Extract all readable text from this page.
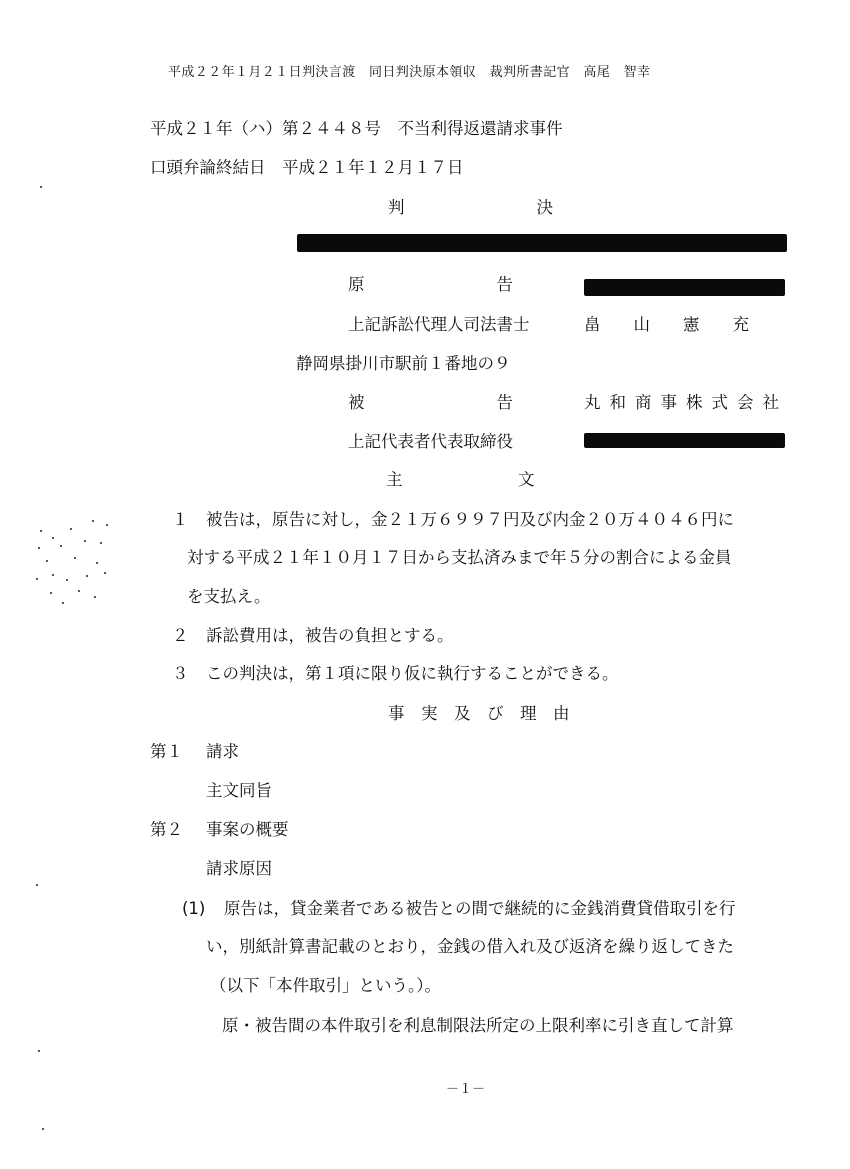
平成２２年１月２１日判決言渡　同日判決原本領収　裁判所書記官　高尾　智幸
平成２１年（ハ）第２４４８号　不当利得返還請求事件
口頭弁論終結日　平成２１年１２月１７日
判　　　　　　　　決
原　　　　　　　　告
上記訴訟代理人司法書士	畠　　山　　憲　　充
静岡県掛川市駅前１番地の９
被　　　　　　　　告	丸和商事株式会社
上記代表者代表取締役
主　　　　　　　文
１ 被告は，原告に対し，金２１万６９９７円及び内金２０万４０４６円に
対する平成２１年１０月１７日から支払済みまで年５分の割合による金員
を支払え。
２ 訴訟費用は，被告の負担とする。
３ この判決は，第１項に限り仮に執行することができる。
事　実　及　び　理　由
第１ 請求
主文同旨
第２ 事案の概要
請求原因
(1) 原告は，貸金業者である被告との間で継続的に金銭消費貸借取引を行
い，別紙計算書記載のとおり，金銭の借入れ及び返済を繰り返してきた
（以下「本件取引」という。）。
原・被告間の本件取引を利息制限法所定の上限利率に引き直して計算
－１－
